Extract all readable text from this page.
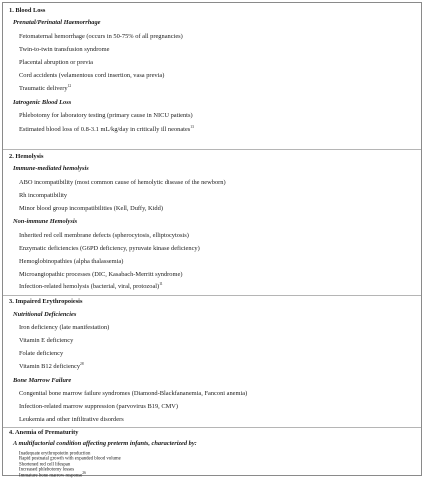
1. Blood Loss
Prenatal/Perinatal Haemorrhage
Fetomaternal hemorrhage (occurs in 50-75% of all pregnancies)
Twin-to-twin transfusion syndrome
Placental abruption or previa
Cord accidents (velamentous cord insertion, vasa previa)
Traumatic delivery$^{12}$
Iatrogenic Blood Loss
Phlebotomy for laboratory testing (primary cause in NICU patients)
Estimated blood loss of 0.8-3.1 mL/kg/day in critically ill neonates$^{13}$
2. Hemolysis
Immune-mediated hemolysis
ABO incompatibility (most common cause of hemolytic disease of the newborn)
Rh incompatibility
Minor blood group incompatibilities (Kell, Duffy, Kidd)
Non-immune Hemolysis
Inherited red cell membrane defects (spherocytosis, elliptocytosis)
Enzymatic deficiencies (G6PD deficiency, pyruvate kinase deficiency)
Hemoglobinopathies (alpha thalassemia)
Microangiopathic processes (DIC, Kasabach-Merritt syndrome)
Infection-related hemolysis (bacterial, viral, protozoal)$^{11}$
3. Impaired Erythropoiesis
Nutritional Deficiencies
Iron deficiency (late manifestation)
Vitamin E deficiency
Folate deficiency
Vitamin B12 deficiency$^{28}$
Bone Marrow Failure
Congenital bone marrow failure syndromes (Diamond-Blackfananemia, Fanconi anemia)
Infection-related marrow suppression (parvovirus B19, CMV)
Leukemia and other infiltrative disorders
4. Anemia of Prematurity
A multifactorial condition affecting preterm infants, characterized by:
Inadequate erythropoietin production
Rapid postnatal growth with expanded blood volume
Shortened red cell lifespan
Increased phlebotomy losses
Immature bone marrow response$^{26}$
